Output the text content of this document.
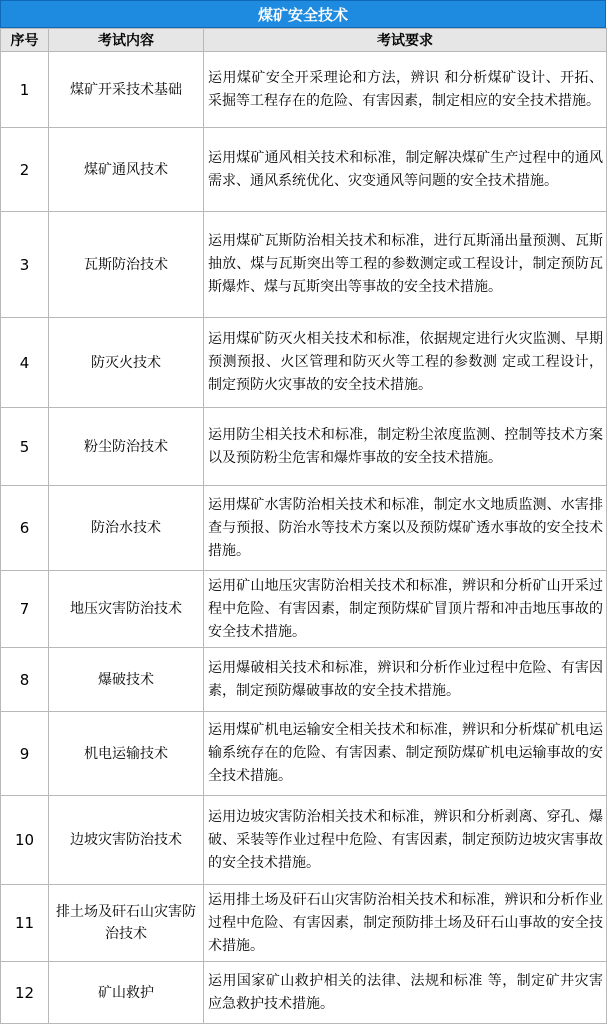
煤矿安全技术
序号	考试内容	考试要求
1	煤矿开采技术基础	运用煤矿安全开采理论和方法，辨识 和分析煤矿设计、开拓、采掘等工程存在的危险、有害因素，制定相应的安全技术措施。
2	煤矿通风技术	运用煤矿通风相关技术和标准，制定解决煤矿生产过程中的通风需求、通风系统优化、灾变通风等问题的安全技术措施。
3	瓦斯防治技术	运用煤矿瓦斯防治相关技术和标准，进行瓦斯涌出量预测、瓦斯抽放、煤与瓦斯突出等工程的参数测定或工程设计，制定预防瓦斯爆炸、煤与瓦斯突出等事故的安全技术措施。
4	防灭火技术	运用煤矿防灭火相关技术和标准，依据规定进行火灾监测、早期预测预报、火区管理和防灭火等工程的参数测 定或工程设计，制定预防火灾事故的安全技术措施。
5	粉尘防治技术	运用防尘相关技术和标准，制定粉尘浓度监测、控制等技术方案以及预防粉尘危害和爆炸事故的安全技术措施。
6	防治水技术	运用煤矿水害防治相关技术和标准，制定水文地质监测、水害排查与预报、防治水等技术方案以及预防煤矿透水事故的安全技术措施。
7	地压灾害防治技术	运用矿山地压灾害防治相关技术和标准，辨识和分析矿山开采过程中危险、有害因素，制定预防煤矿冒顶片帮和冲击地压事故的安全技术措施。
8	爆破技术	运用爆破相关技术和标准，辨识和分析作业过程中危险、有害因素，制定预防爆破事故的安全技术措施。
9	机电运输技术	运用煤矿机电运输安全相关技术和标准，辨识和分析煤矿机电运输系统存在的危险、有害因素、制定预防煤矿机电运输事故的安全技术措施。
10	边坡灾害防治技术	运用边坡灾害防治相关技术和标准，辨识和分析剥离、穿孔、爆破、采装等作业过程中危险、有害因素，制定预防边坡灾害事故的安全技术措施。
11	排土场及矸石山灾害防治技术	运用排土场及矸石山灾害防治相关技术和标准，辨识和分析作业过程中危险、有害因素，制定预防排土场及矸石山事故的安全技术措施。
12	矿山救护	运用国家矿山救护相关的法律、法规和标准 等，制定矿井灾害应急救护技术措施。
